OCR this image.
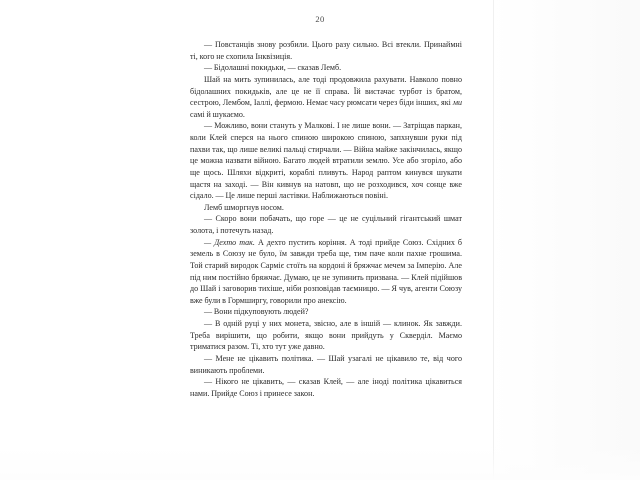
20

— Повстанців знову розбили. Цього разу сильно. Всі втекли. Принаймні ті, кого не схопила Інквізиція.

— Бідолашні покидьки, — сказав Лемб.

Шай на мить зупинилась, але тоді продовжила рахувати. Навколо повно бідолашних покидьків, але це не її справа. Їй вистачає турбот із братом, сестрою, Лембом, Іаллі, фермою. Немає часу рюмсати через біди інших, які ми самі й шукаємо.

— Можливо, вони стануть у Малкові. І не лише вони. — Затріщав паркан, коли Клей сперся на нього спиною широкою спиною, запхнувши руки під пахви так, що лише великі пальці стирчали. — Війна майже закінчилась, якщо це можна назвати війною. Багато людей втратили землю. Усе або згоріло, або ще щось. Шляхи відкриті, кораблі пливуть. Народ раптом кинувся шукати щастя на заході. — Він кивнув на натовп, що не розходився, хоч сонце вже сідало. — Це лише перші ластівки. Наближаються повіні.

Лемб шморгнув носом.

— Скоро вони побачать, що горе — це не суцільний гігантський шмат золота, і потечуть назад.

— Дехто так. А дехто пустить коріння. А тоді прийде Союз. Східних б земель в Союзу не було, їм завжди треба ще, тим паче коли пахне грошима. Той старий виродок Сарміє стоїть на кордоні й бряжчає мечем за Імперію. Але під ним постійно бряжчає. Думаю, це не зупинить призвана. — Клей підійшов до Шай і заговорив тихіше, ніби розповідав таємницю. — Я чув, агенти Союзу вже були в Гормширгу, говорили про анексію.

— Вони підкуповують людей?

— В одній руці у них монета, звісно, але в іншій — клинок. Як завжди. Треба вирішити, що робити, якщо вони прийдуть у Скверділ. Маємо триматися разом. Ті, хто тут уже давно.

— Мене не цікавить політика. — Шай узагалі не цікавило те, від чого виникають проблеми.

— Нікого не цікавить, — сказав Клей, — але іноді політика цікавиться нами. Прийде Союз і принесе закон.
